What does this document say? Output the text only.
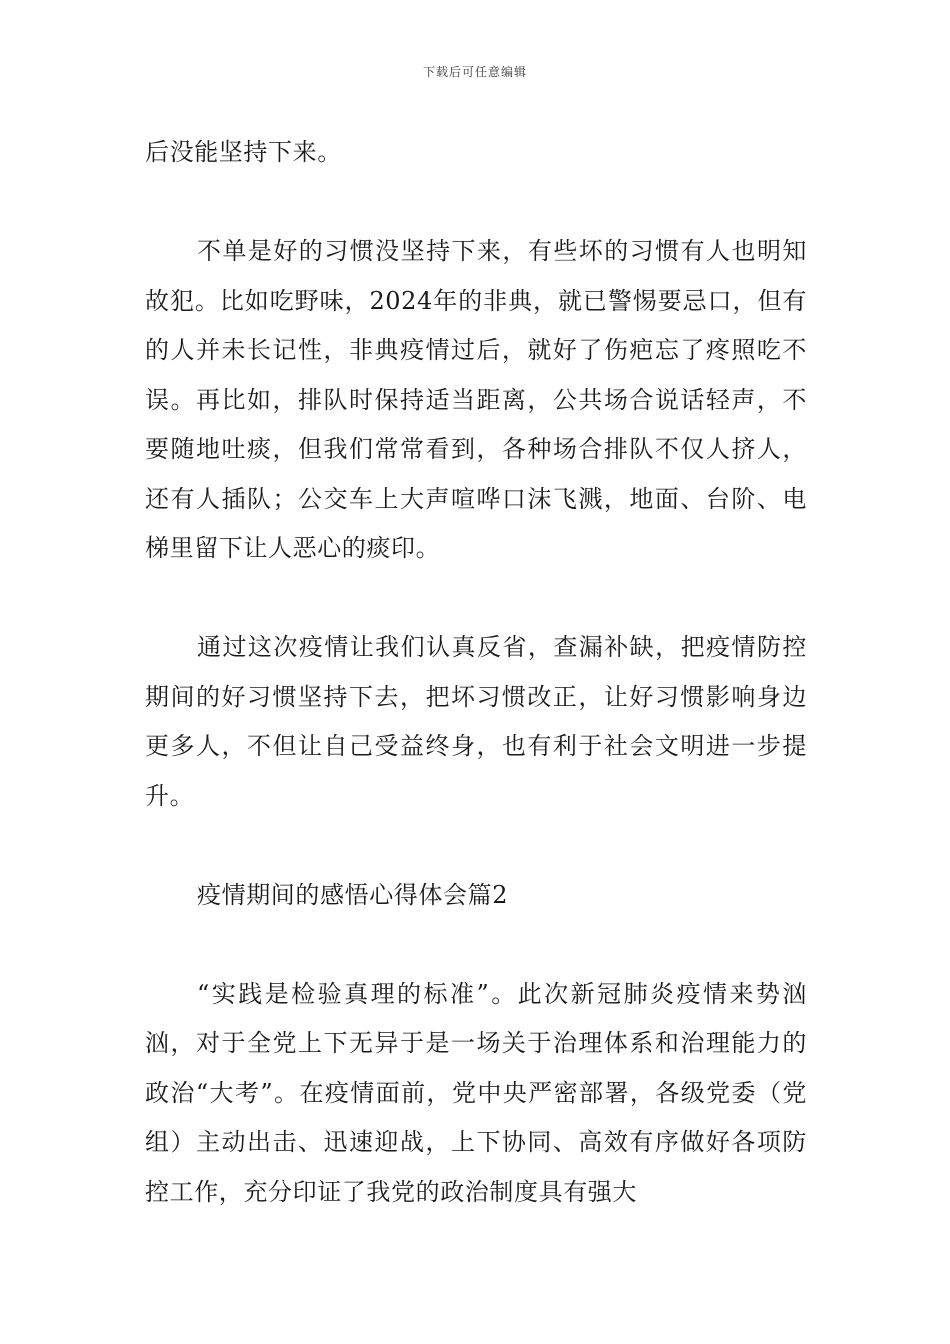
下载后可任意编辑

后没能坚持下来。

不单是好的习惯没坚持下来，有些坏的习惯有人也明知故犯。比如吃野味，2024年的非典，就已警惕要忌口，但有的人并未长记性，非典疫情过后，就好了伤疤忘了疼照吃不误。再比如，排队时保持适当距离，公共场合说话轻声，不要随地吐痰，但我们常常看到，各种场合排队不仅人挤人，还有人插队；公交车上大声喧哗口沫飞溅，地面、台阶、电梯里留下让人恶心的痰印。

通过这次疫情让我们认真反省，查漏补缺，把疫情防控期间的好习惯坚持下去，把坏习惯改正，让好习惯影响身边更多人，不但让自己受益终身，也有利于社会文明进一步提升。

疫情期间的感悟心得体会篇2

“实践是检验真理的标准”。此次新冠肺炎疫情来势汹汹，对于全党上下无异于是一场关于治理体系和治理能力的政治“大考”。在疫情面前，党中央严密部署，各级党委（党组）主动出击、迅速迎战，上下协同、高效有序做好各项防控工作，充分印证了我党的政治制度具有强大
